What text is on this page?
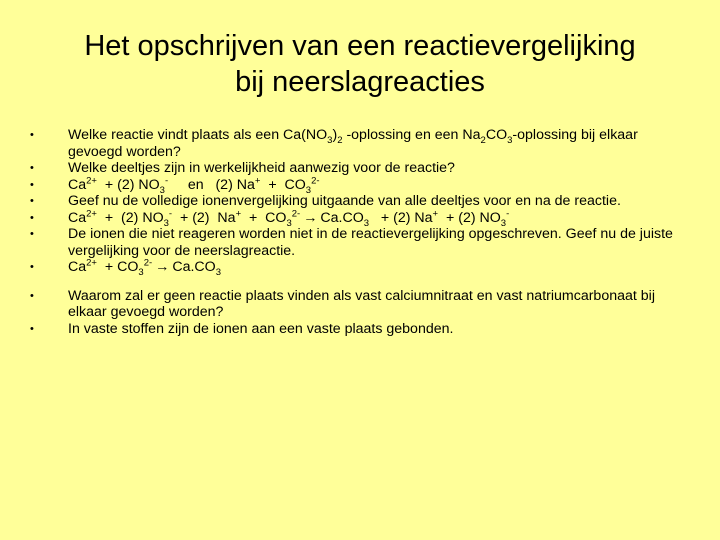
Het opschrijven van een reactievergelijking
bij neerslagreacties
•	Welke reactie vindt plaats als een $Ca(NO_3)_2$ -oplossing en een $Na_2CO_3$-oplossing bij elkaar gevoegd worden?
•	Welke deeltjes zijn in werkelijkheid aanwezig voor de reactie?
•	$Ca^{2+} + (2)$ $NO_3^-$     en   (2) $Na^+ + CO_3^{2-}$
•	Geef nu de volledige ionenvergelijking uitgaande van alle deeltjes voor en na de reactie.
•	$Ca^{2+} + (2) NO_3^- + (2) Na^+ + CO_3^{2-} \to Ca.CO_3 + (2) Na^+ + (2)$ $NO_3^-$
•	De ionen die niet reageren worden niet in de reactievergelijking opgeschreven. Geef nu de juiste vergelijking voor de neerslagreactie.
•	$Ca^{2+} + CO_3^{2-} \to Ca.CO_3$
•	Waarom zal er geen reactie plaats vinden als vast calciumnitraat en vast natriumcarbonaat bij elkaar gevoegd worden?
•	In vaste stoffen zijn de ionen aan een vaste plaats gebonden.
